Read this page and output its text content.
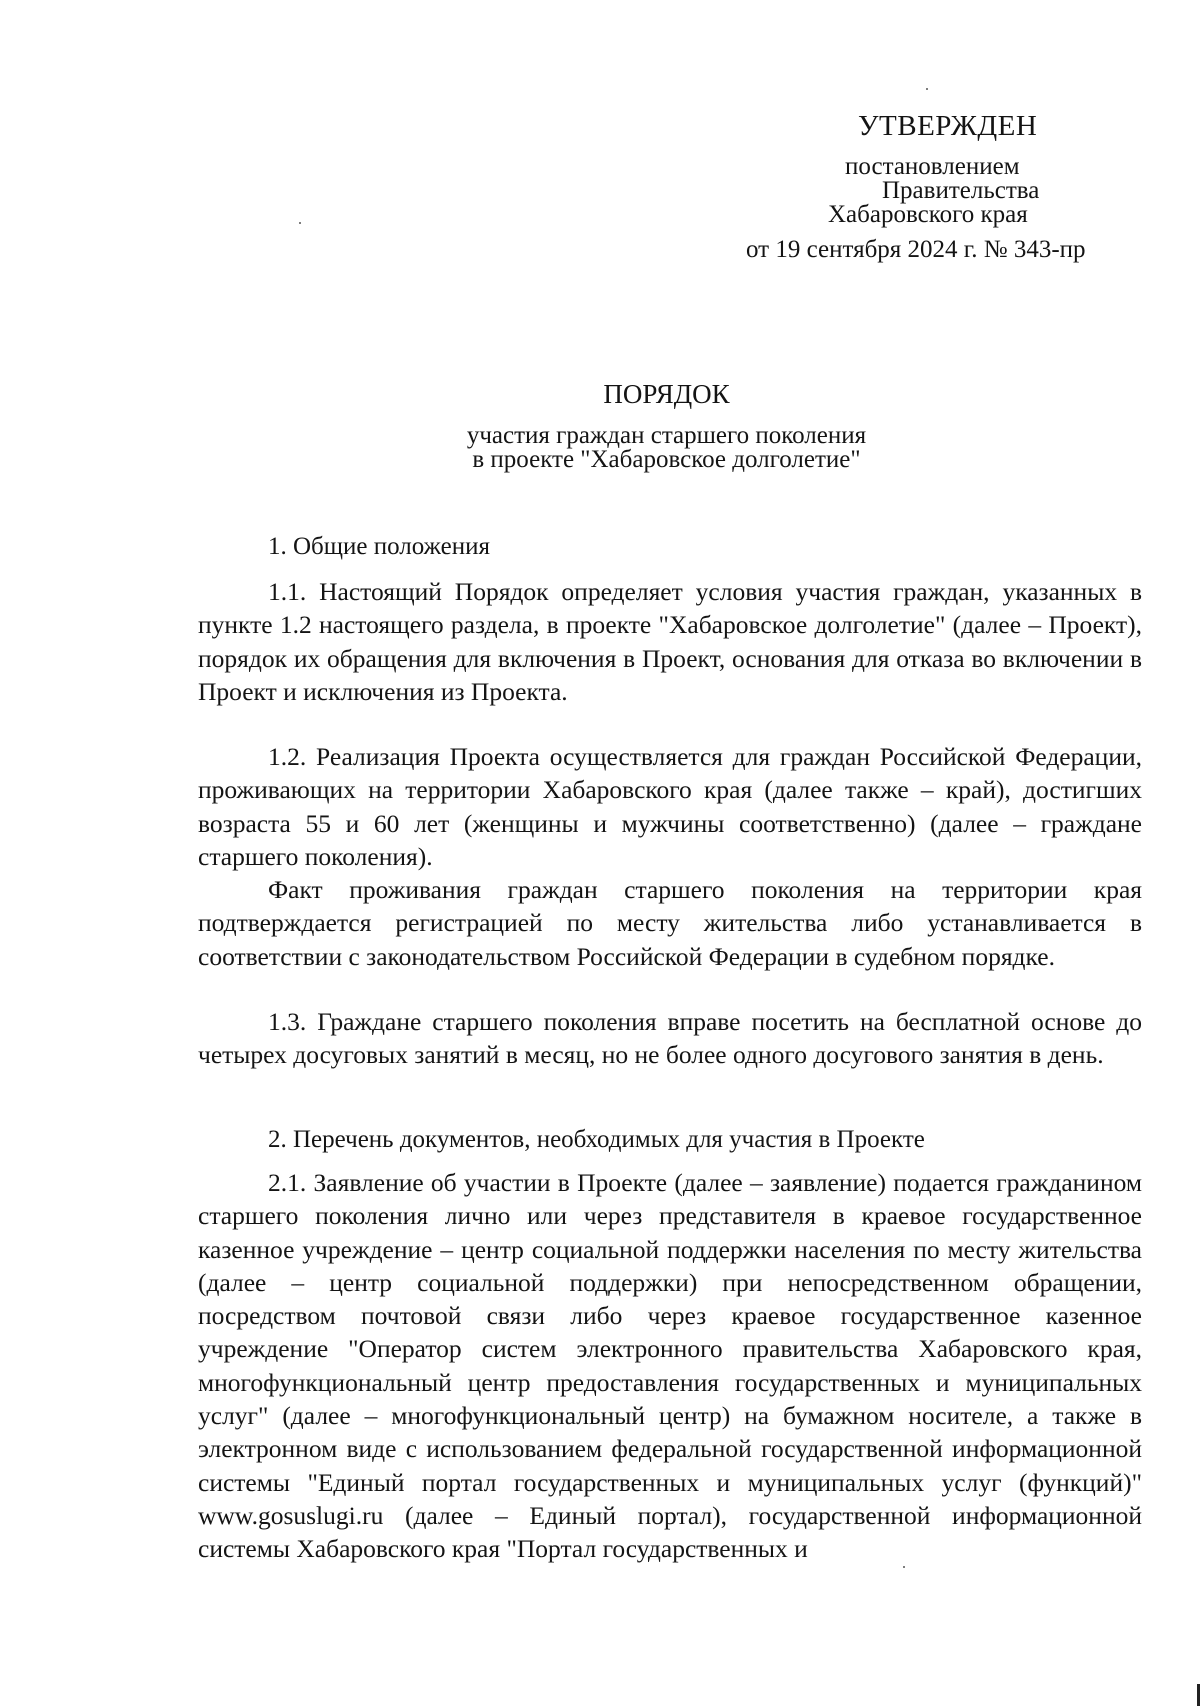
УТВЕРЖДЕН
постановлением
Правительства
Хабаровского края
от 19 сентября 2024 г. № 343-пр
ПОРЯДОК
участия граждан старшего поколения
в проекте "Хабаровское долголетие"
1. Общие положения
1.1. Настоящий Порядок определяет условия участия граждан, указанных в пункте 1.2 настоящего раздела, в проекте "Хабаровское долголетие" (далее – Проект), порядок их обращения для включения в Проект, основания для отказа во включении в Проект и исключения из Проекта.
1.2. Реализация Проекта осуществляется для граждан Российской Федерации, проживающих на территории Хабаровского края (далее также – край), достигших возраста 55 и 60 лет (женщины и мужчины соответственно) (далее – граждане старшего поколения).
Факт проживания граждан старшего поколения на территории края подтверждается регистрацией по месту жительства либо устанавливается в соответствии с законодательством Российской Федерации в судебном порядке.
1.3. Граждане старшего поколения вправе посетить на бесплатной основе до четырех досуговых занятий в месяц, но не более одного досугового занятия в день.
2. Перечень документов, необходимых для участия в Проекте
2.1. Заявление об участии в Проекте (далее – заявление) подается гражданином старшего поколения лично или через представителя в краевое государственное казенное учреждение – центр социальной поддержки населения по месту жительства (далее – центр социальной поддержки) при непосредственном обращении, посредством почтовой связи либо через краевое государственное казенное учреждение "Оператор систем электронного правительства Хабаровского края, многофункциональный центр предоставления государственных и муниципальных услуг" (далее – многофункциональный центр) на бумажном носителе, а также в электронном виде с использованием федеральной государственной информационной системы "Единый портал государственных и муниципальных услуг (функций)" www.gosuslugi.ru (далее – Единый портал), государственной информационной системы Хабаровского края "Портал государственных и
